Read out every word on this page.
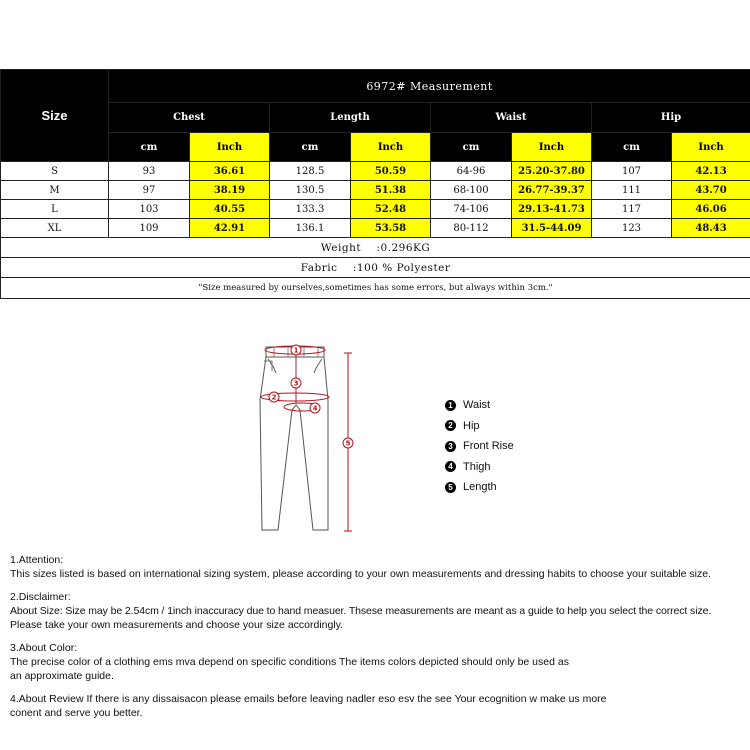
Size	6972# Measurement							
	Chest		Length		Waist		Hip	
	cm	Inch	cm	Inch	cm	Inch	cm	Inch
S	93	36.61	128.5	50.59	64-96	25.20-37.80	107	42.13
M	97	38.19	130.5	51.38	68-100	26.77-39.37	111	43.70
L	103	40.55	133.3	52.48	74-106	29.13-41.73	117	46.06
XL	109	42.91	136.1	53.58	80-112	31.5-44.09	123	48.43
Weight    :0.296KG								
Fabric    :100 % Polyester								
"Size measured by ourselves,sometimes has some errors, but always within 3cm."								
1
3
2
4
5
1 Waist
2 Hip
3 Front Rise
4 Thigh
5 Length

1.Attention:

This sizes listed is based on international sizing system, please according to your own measurements and dressing habits to choose your suitable size.

2.Disclaimer:

About Size: Size may be 2.54cm / 1inch inaccuracy due to hand measuer. Thsese measurements are meant as a guide to help you select the correct size.

Please take your own measurements and choose your size accordingly.

3.About Color:

The precise color of a clothing ems mva depend on specific conditions The items colors depicted should only be used as

an approximate guide.

4.About Review If there is any dissaisacon please emails before leaving nadler eso esv the see Your ecognition w make us more

conent and serve you better.
